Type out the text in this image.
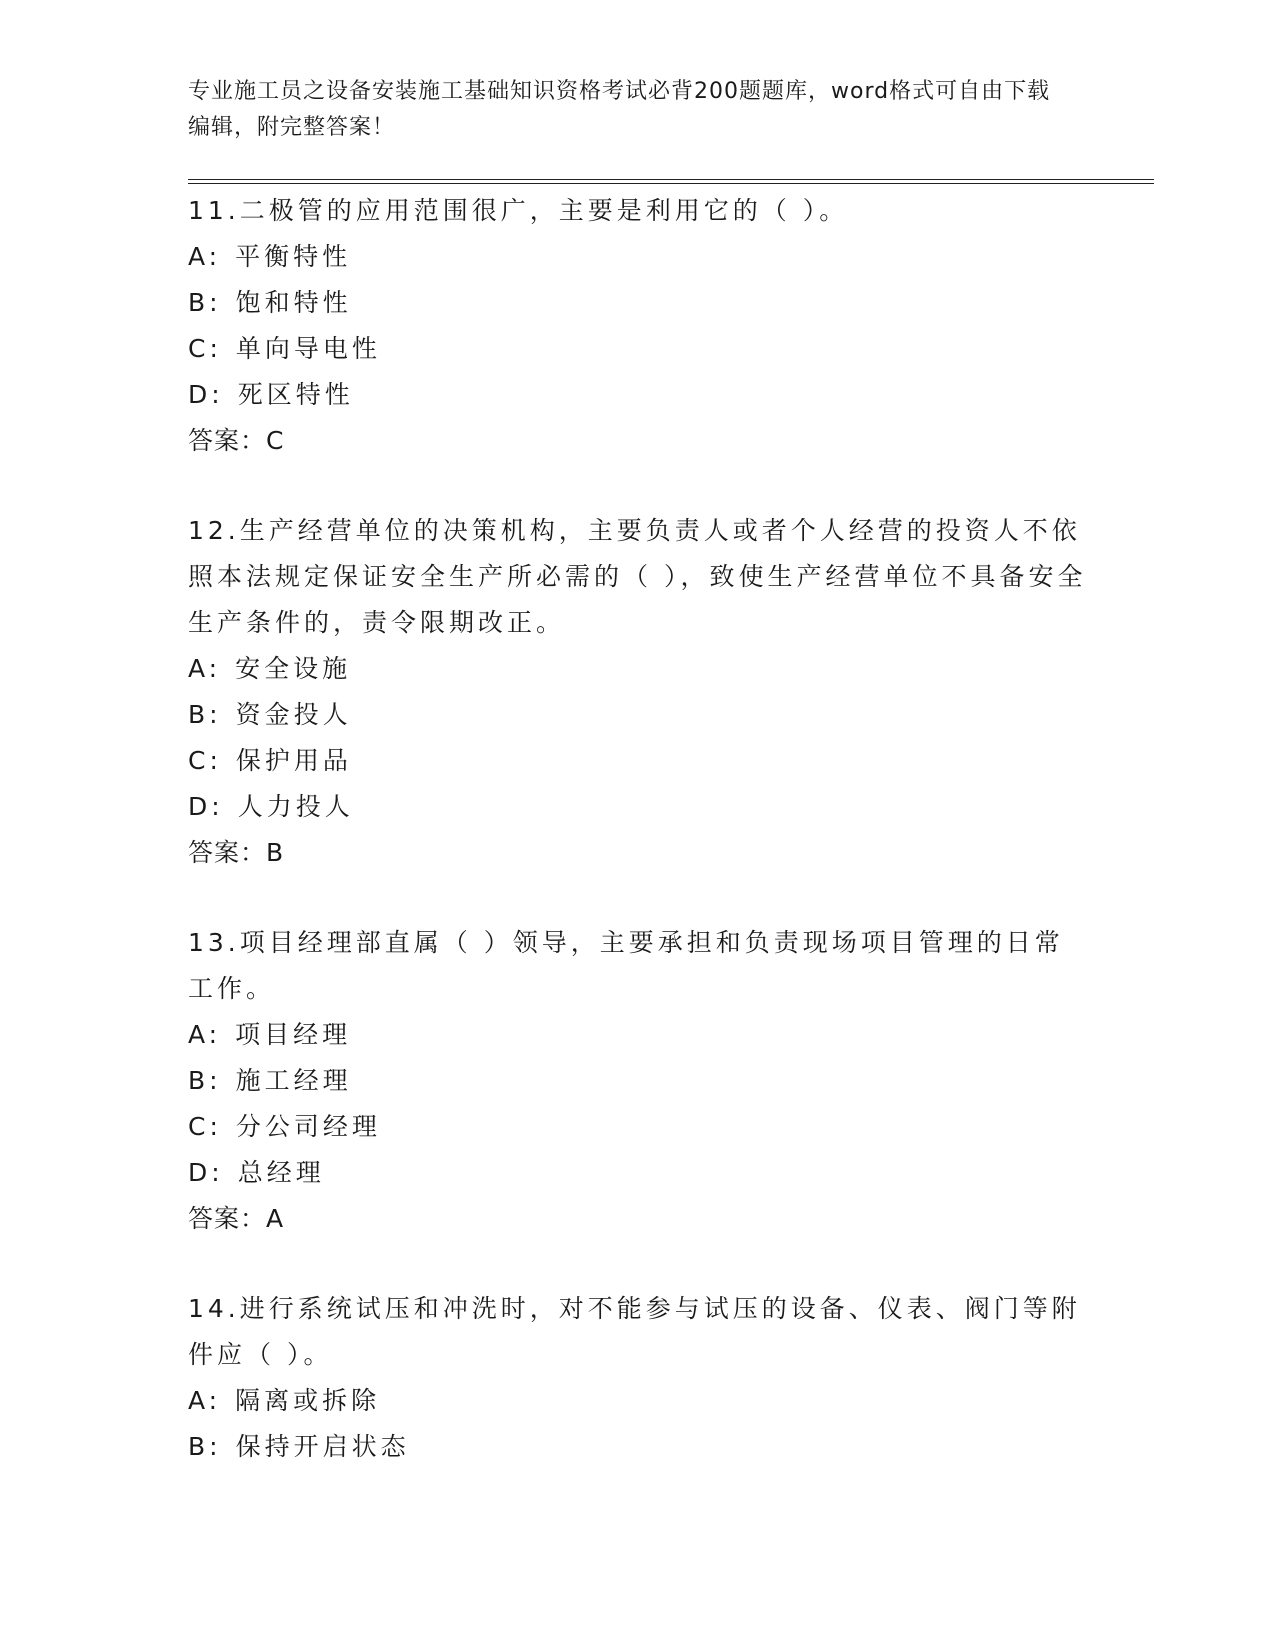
专业施工员之设备安装施工基础知识资格考试必背200题题库，word格式可自由下载编辑，附完整答案！
11.二极管的应用范围很广，主要是利用它的（ ）。
A: 平衡特性
B: 饱和特性
C: 单向导电性
D: 死区特性
答案：C
12.生产经营单位的决策机构，主要负责人或者个人经营的投资人不依照本法规定保证安全生产所必需的（ ），致使生产经营单位不具备安全生产条件的，责令限期改正。
A: 安全设施
B: 资金投人
C: 保护用品
D: 人力投人
答案：B
13.项目经理部直属（ ）领导，主要承担和负责现场项目管理的日常工作。
A: 项目经理
B: 施工经理
C: 分公司经理
D: 总经理
答案：A
14.进行系统试压和冲洗时，对不能参与试压的设备、仪表、阀门等附件应（ ）。
A: 隔离或拆除
B: 保持开启状态
